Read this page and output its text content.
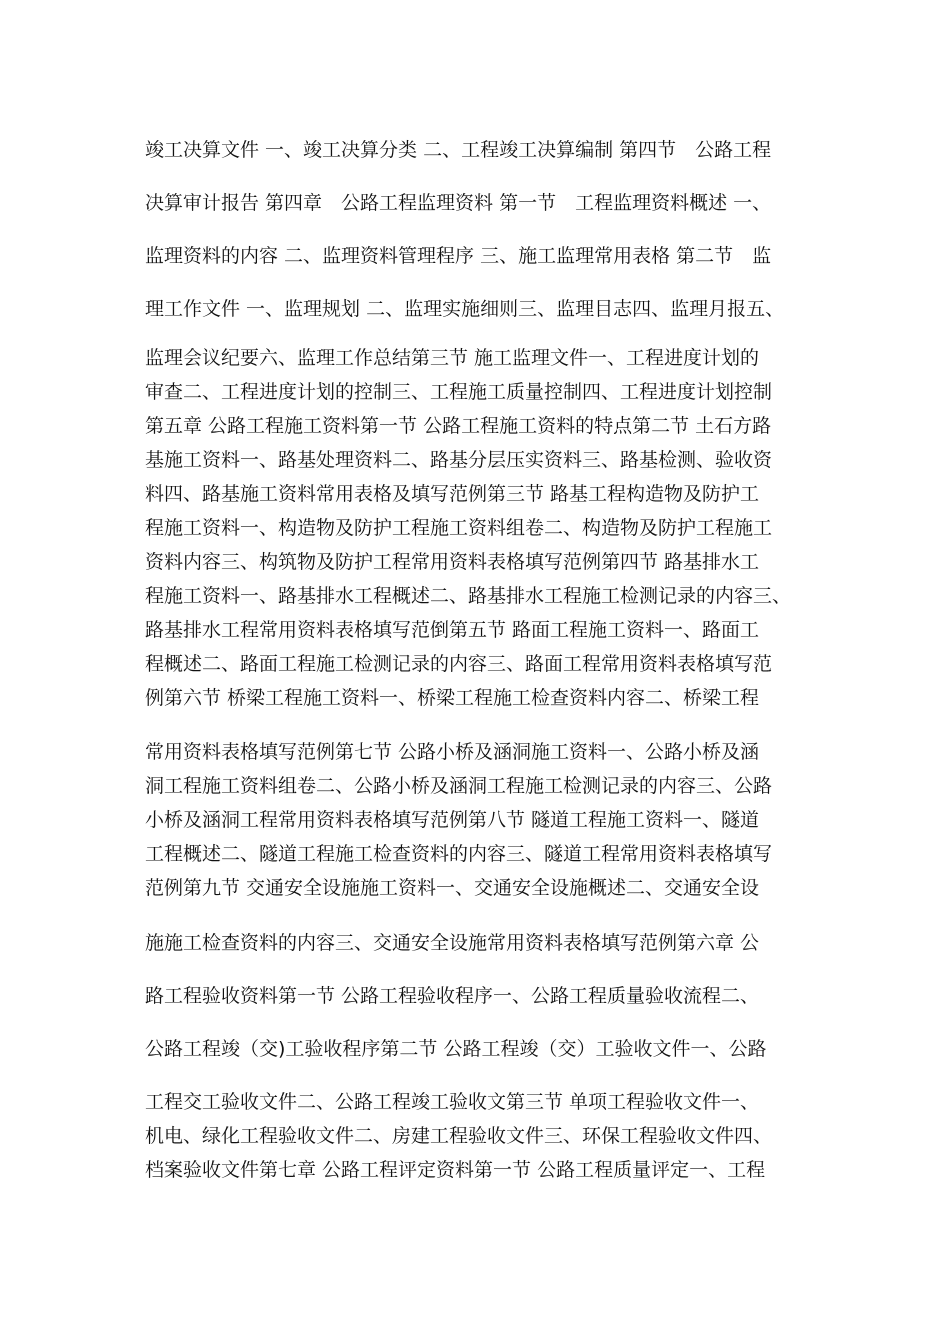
竣工决算文件 一、竣工决算分类 二、工程竣工决算编制 第四节　公路工程
决算审计报告 第四章　公路工程监理资料 第一节　工程监理资料概述 一、
监理资料的内容 二、监理资料管理程序 三、施工监理常用表格 第二节　监
理工作文件 一、监理规划 二、监理实施细则三、监理目志四、监理月报五、
监理会议纪要六、监理工作总结第三节 施工监理文件一、工程进度计划的
审查二、工程进度计划的控制三、工程施工质量控制四、工程进度计划控制
第五章 公路工程施工资料第一节 公路工程施工资料的特点第二节 土石方路
基施工资料一、路基处理资料二、路基分层压实资料三、路基检测、验收资
料四、路基施工资料常用表格及填写范例第三节 路基工程构造物及防护工
程施工资料一、构造物及防护工程施工资料组卷二、构造物及防护工程施工
资料内容三、构筑物及防护工程常用资料表格填写范例第四节 路基排水工
程施工资料一、路基排水工程概述二、路基排水工程施工检测记录的内容三、
路基排水工程常用资料表格填写范倒第五节 路面工程施工资料一、路面工
程概述二、路面工程施工检测记录的内容三、路面工程常用资料表格填写范
例第六节 桥梁工程施工资料一、桥梁工程施工检查资料内容二、桥梁工程
常用资料表格填写范例第七节 公路小桥及涵洞施工资料一、公路小桥及涵
洞工程施工资料组卷二、公路小桥及涵洞工程施工检测记录的内容三、公路
小桥及涵洞工程常用资料表格填写范例第八节 隧道工程施工资料一、隧道
工程概述二、隧道工程施工检查资料的内容三、隧道工程常用资料表格填写
范例第九节 交通安全设施施工资料一、交通安全设施概述二、交通安全设
施施工检查资料的内容三、交通安全设施常用资料表格填写范例第六章 公
路工程验收资料第一节 公路工程验收程序一、公路工程质量验收流程二、
公路工程竣（交)工验收程序第二节 公路工程竣（交）工验收文件一、公路
工程交工验收文件二、公路工程竣工验收文第三节 单项工程验收文件一、
机电、绿化工程验收文件二、房建工程验收文件三、环保工程验收文件四、
档案验收文件第七章 公路工程评定资料第一节 公路工程质量评定一、工程
